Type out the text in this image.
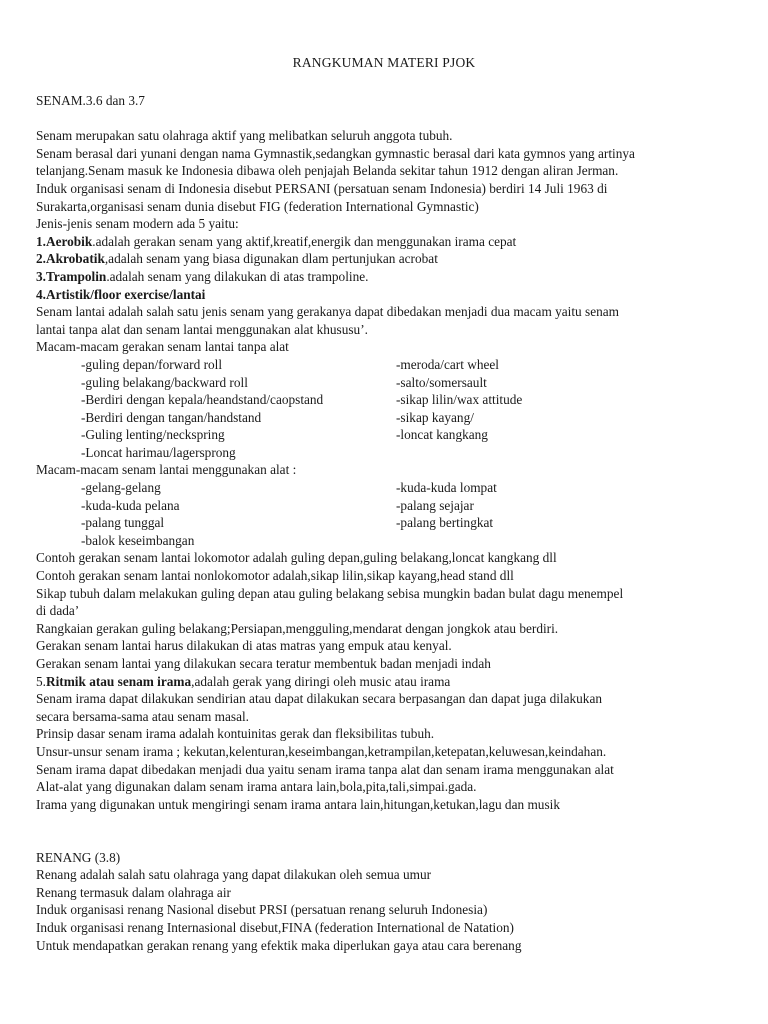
RANGKUMAN MATERI PJOK

SENAM.3.6 dan 3.7

Senam merupakan satu olahraga aktif yang melibatkan seluruh anggota tubuh.

Senam berasal dari yunani dengan nama Gymnastik,sedangkan gymnastic berasal dari kata gymnos yang artinya

telanjang.Senam masuk ke Indonesia dibawa oleh penjajah Belanda sekitar tahun 1912 dengan aliran Jerman.

Induk organisasi senam di Indonesia disebut PERSANI (persatuan senam Indonesia) berdiri 14 Juli 1963 di

Surakarta,organisasi senam dunia disebut FIG (federation International Gymnastic)

Jenis-jenis senam modern ada 5 yaitu:

1.Aerobik.adalah gerakan senam yang aktif,kreatif,energik dan menggunakan irama cepat

2.Akrobatik,adalah senam yang biasa digunakan dlam pertunjukan acrobat

3.Trampolin.adalah senam yang dilakukan di atas trampoline.

4.Artistik/floor exercise/lantai

Senam lantai adalah salah satu jenis senam yang gerakanya dapat dibedakan menjadi dua macam yaitu senam

lantai tanpa alat dan senam lantai menggunakan alat khususu’.

Macam-macam gerakan senam lantai tanpa alat

-guling depan/forward roll	-meroda/cart wheel
-guling belakang/backward roll	-salto/somersault
-Berdiri dengan kepala/heandstand/caopstand	-sikap lilin/wax attitude
-Berdiri dengan tangan/handstand	-sikap kayang/
-Guling lenting/neckspring	-loncat kangkang
-Loncat harimau/lagersprong

Macam-macam senam lantai menggunakan alat :

-gelang-gelang	-kuda-kuda lompat
-kuda-kuda pelana	-palang sejajar
-palang tunggal	-palang bertingkat
-balok keseimbangan

Contoh gerakan senam lantai lokomotor adalah guling depan,guling belakang,loncat kangkang dll

Contoh gerakan senam lantai nonlokomotor adalah,sikap lilin,sikap kayang,head stand dll

Sikap tubuh dalam melakukan guling depan atau guling belakang sebisa mungkin badan bulat dagu menempel

di dada’

Rangkaian gerakan guling belakang;Persiapan,mengguling,mendarat dengan jongkok atau berdiri.

Gerakan senam lantai harus dilakukan di atas matras yang empuk atau kenyal.

Gerakan senam lantai yang dilakukan secara teratur membentuk badan menjadi indah

5.Ritmik atau senam irama,adalah gerak yang diringi oleh music atau irama

Senam irama dapat dilakukan sendirian atau dapat dilakukan secara berpasangan dan dapat juga dilakukan

secara bersama-sama atau senam masal.

Prinsip dasar senam irama adalah kontuinitas gerak dan fleksibilitas tubuh.

Unsur-unsur senam irama ; kekutan,kelenturan,keseimbangan,ketrampilan,ketepatan,keluwesan,keindahan.

Senam irama dapat dibedakan menjadi dua yaitu senam irama tanpa alat dan senam irama menggunakan alat

Alat-alat yang digunakan dalam senam irama antara lain,bola,pita,tali,simpai.gada.

Irama yang digunakan untuk mengiringi senam irama antara lain,hitungan,ketukan,lagu dan musik

RENANG (3.8)

Renang adalah salah satu olahraga yang dapat dilakukan oleh semua umur

Renang termasuk dalam olahraga air

Induk organisasi renang Nasional disebut PRSI (persatuan renang seluruh Indonesia)

Induk organisasi renang Internasional disebut,FINA (federation International de Natation)

Untuk mendapatkan gerakan renang yang efektik maka diperlukan gaya atau cara berenang
